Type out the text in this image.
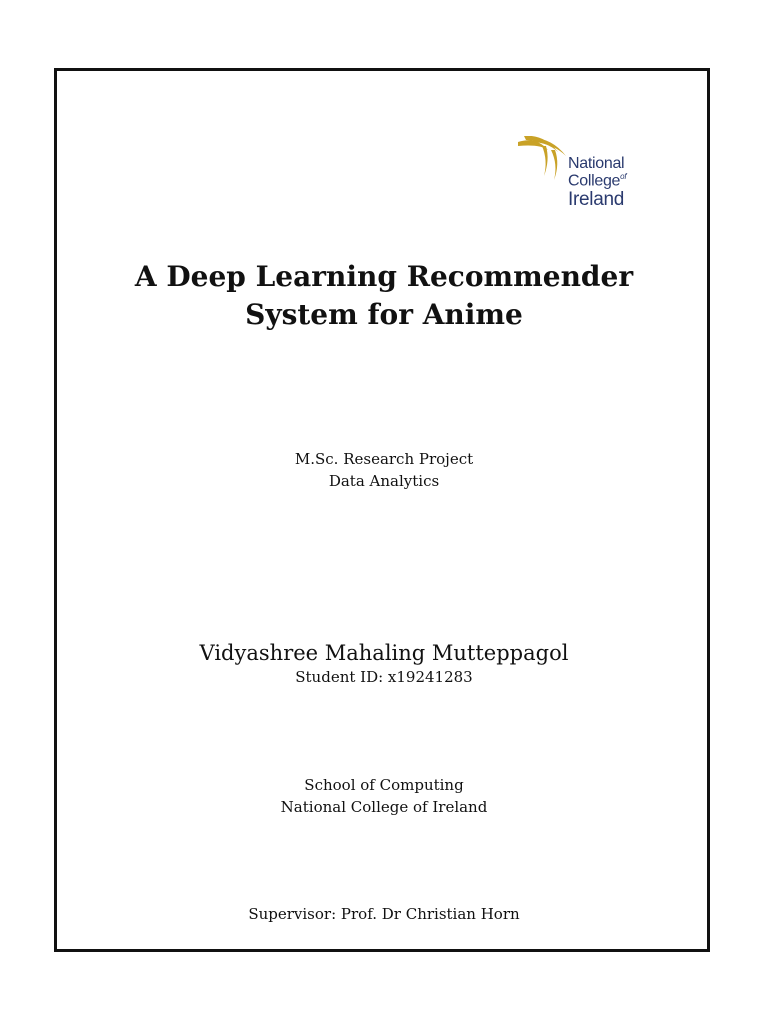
National
College$^{of}$
Ireland
A Deep Learning Recommender
System for Anime
M.Sc. Research Project
Data Analytics
Vidyashree Mahaling Mutteppagol
Student ID: x19241283
School of Computing
National College of Ireland
Supervisor: Prof. Dr Christian Horn
